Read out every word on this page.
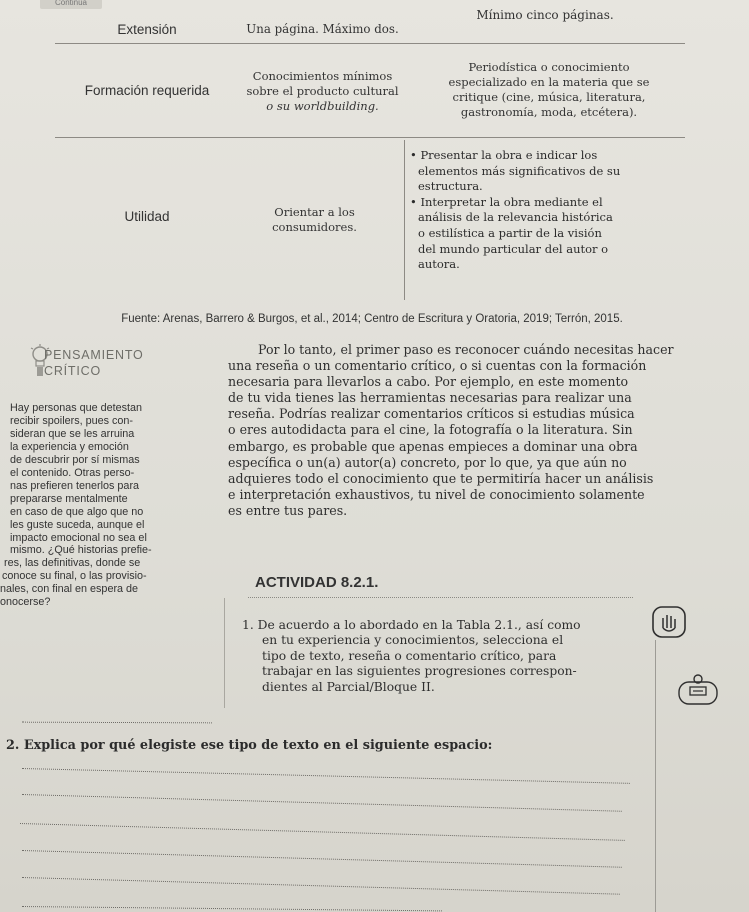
Continúa
Extensión	Una página. Máximo dos.
Mínimo cinco páginas.
Formación requerida
Conocimientos mínimos
sobre el producto cultural
o su worldbuilding.
Periodística o conocimiento
especializado en la materia que se
critique (cine, música, literatura,
gastronomía, moda, etcétera).
Utilidad	Orientar a los
consumidores.
• Presentar la obra e indicar los
elementos más significativos de su
estructura.
• Interpretar la obra mediante el
análisis de la relevancia histórica
o estilística a partir de la visión
del mundo particular del autor o
autora.
Fuente: Arenas, Barrero & Burgos, et al., 2014; Centro de Escritura y Oratoria, 2019; Terrón, 2015.
PENSAMIENTO
CRÍTICO
Hay personas que detestan
recibir spoilers, pues con-
sideran que se les arruina
la experiencia y emoción
de descubrir por sí mismas
el contenido. Otras perso-
nas prefieren tenerlos para
prepararse mentalmente
en caso de que algo que no
les guste suceda, aunque el
impacto emocional no sea el
mismo. ¿Qué historias prefie-
res, las definitivas, donde se
conoce su final, o las provisio-
nales, con final en espera de
onocerse?
Por lo tanto, el primer paso es reconocer cuándo necesitas hacer
una reseña o un comentario crítico, o si cuentas con la formación
necesaria para llevarlos a cabo. Por ejemplo, en este momento
de tu vida tienes las herramientas necesarias para realizar una
reseña. Podrías realizar comentarios críticos si estudias música
o eres autodidacta para el cine, la fotografía o la literatura. Sin
embargo, es probable que apenas empieces a dominar una obra
específica o un(a) autor(a) concreto, por lo que, ya que aún no
adquieres todo el conocimiento que te permitiría hacer un análisis
e interpretación exhaustivos, tu nivel de conocimiento solamente
es entre tus pares.
ACTIVIDAD 8.2.1.
1. De acuerdo a lo abordado en la Tabla 2.1., así como
en tu experiencia y conocimientos, selecciona el
tipo de texto, reseña o comentario crítico, para
trabajar en las siguientes progresiones correspon-
dientes al Parcial/Bloque II.
2. Explica por qué elegiste ese tipo de texto en el siguiente espacio:
